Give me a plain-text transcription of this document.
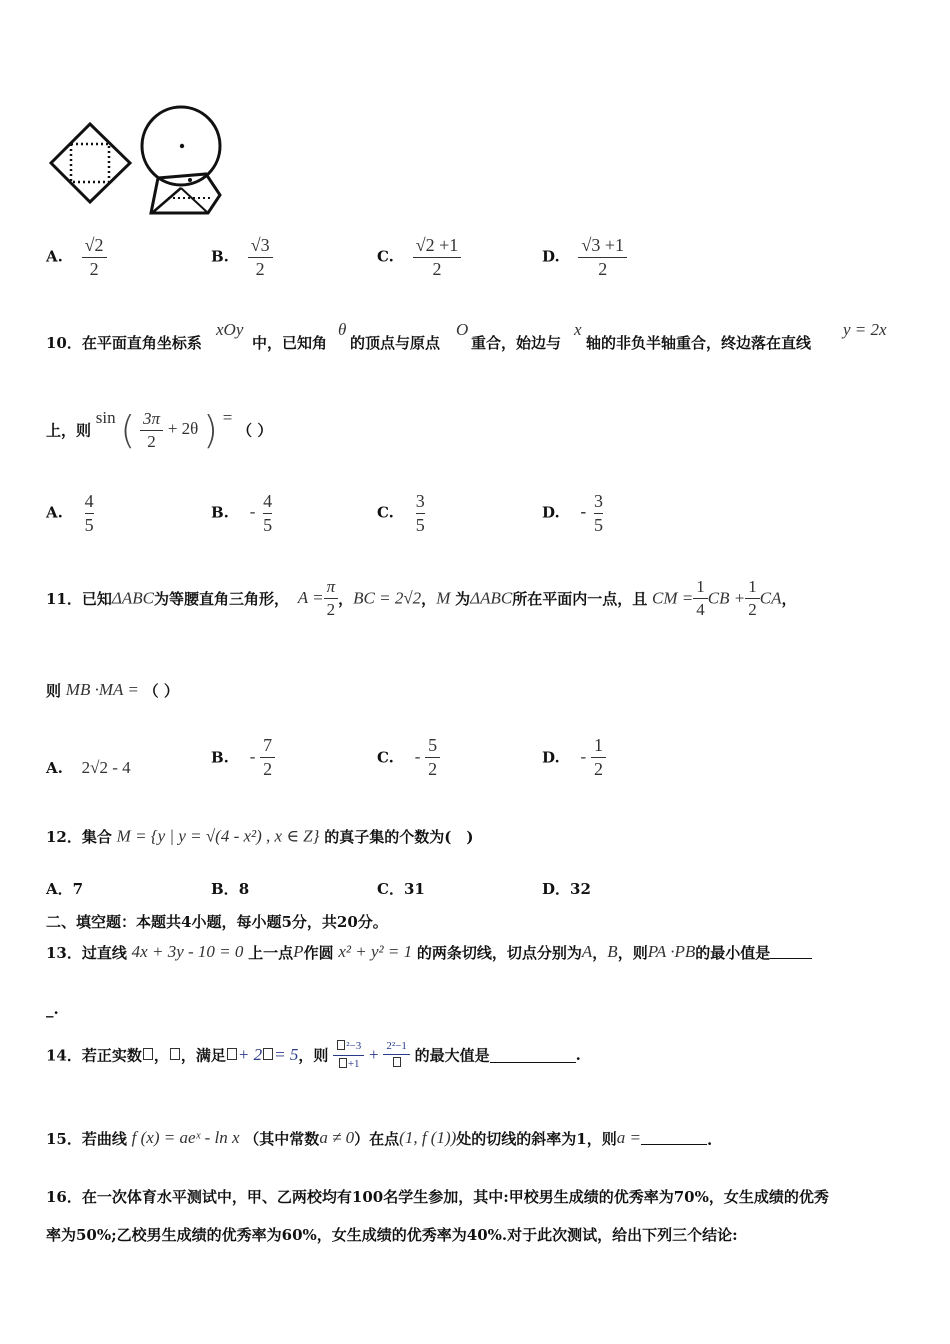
A. $\frac{√2}{2}$	B. $\frac{√3}{2}$	C. $\frac{√2 +1}{2}$	D. $\frac{√3 +1}{2}$
10．在平面直角坐标系
xOy
中，已知角
θ
的顶点与原点
O
重合，始边与
x
轴的非负半轴重合，终边落在直线
y = 2x
上，则 sin ( $\frac{3\pi}{2} + 2\theta$ ) = （ ）
A. $\frac{4}{5}$	B. - $\frac{4}{5}$	C. $\frac{3}{5}$	D. - $\frac{3}{5}$
11．已知ΔABC为等腰直角三角形， $A = \frac{\pi}{2}$ ，BC = 2√2，M 为ΔABC所在平面内一点，且 CM = $\frac{1}{4}$ CB + $\frac{1}{2}$ CA，
则 MB ·MA = （ ）
A. 2√2 - 4
B. - $\frac{7}{2}$	C. - $\frac{5}{2}$	D. - $\frac{1}{2}$
12．集合 M = {y | y = √(4 - x²) , x ∈ Z} 的真子集的个数为(　)
A．7	B．8	C．31	D．32
二、填空题：本题共4小题，每小题5分，共20分。
13．过直线 4x + 3y - 10 = 0 上一点P作圆 x² + y² = 1 的两条切线，切点分别为A，B，则PA ·PB的最小值是
_.
14．若正实数 ， ，满足 + 2 = 5，则 $\frac{\text{²−3}}{+1} + 2^2-1$
的最大值是	.
15．若曲线 f (x) = aeˣ - ln x （其中常数a ≠ 0）在点(1, f (1))处的切线的斜率为1，则a =	.
16．在一次体育水平测试中，甲、乙两校均有100名学生参加，其中:甲校男生成绩的优秀率为70%，女生成绩的优秀
率为50%;乙校男生成绩的优秀率为60%，女生成绩的优秀率为40%.对于此次测试，给出下列三个结论:
